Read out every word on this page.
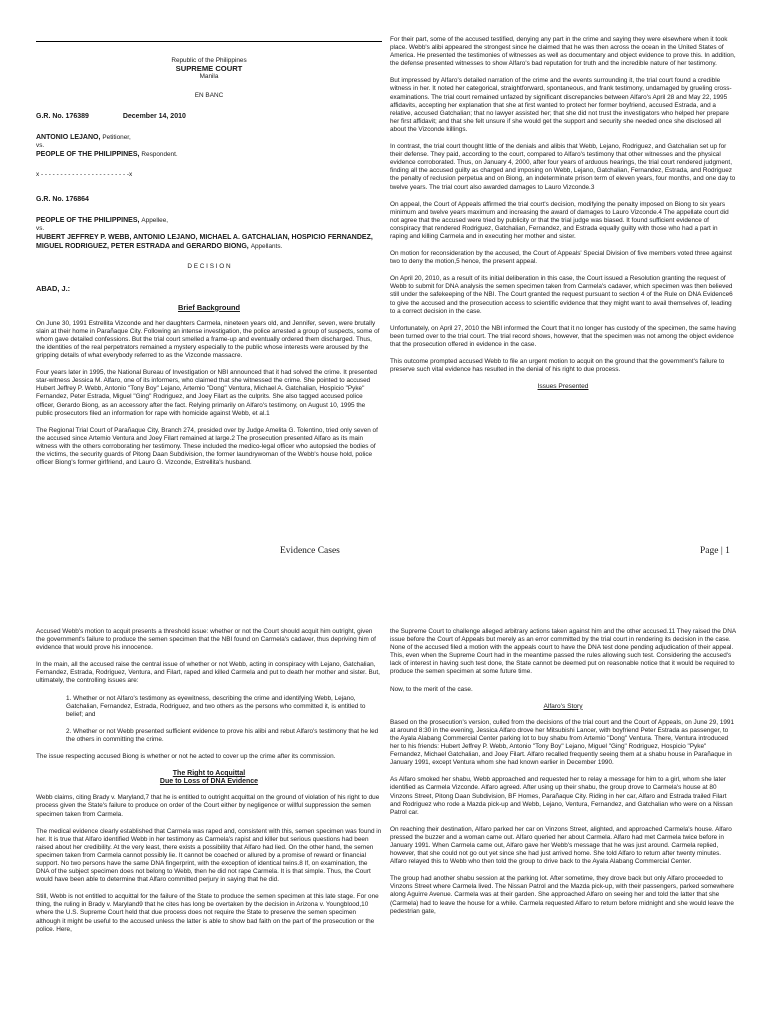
Republic of the Philippines
SUPREME COURT
Manila
EN BANC
G.R. No. 176389	December 14, 2010
ANTONIO LEJANO, Petitioner,
vs.
PEOPLE OF THE PHILIPPINES, Respondent.
x - - - - - - - - - - - - - - - - - - - - - - -x
G.R. No. 176864
PEOPLE OF THE PHILIPPINES, Appellee,
vs.
HUBERT JEFFREY P. WEBB, ANTONIO LEJANO, MICHAEL A. GATCHALIAN, HOSPICIO FERNANDEZ, MIGUEL RODRIGUEZ, PETER ESTRADA and GERARDO BIONG, Appellants.
D E C I S I O N
ABAD, J.:
Brief Background

On June 30, 1991 Estrellita Vizconde and her daughters Carmela, nineteen years old, and Jennifer, seven, were brutally slain at their home in Parañaque City. Following an intense investigation, the police arrested a group of suspects, some of whom gave detailed confessions. But the trial court smelled a frame-up and eventually ordered them discharged. Thus, the identities of the real perpetrators remained a mystery especially to the public whose interests were aroused by the gripping details of what everybody referred to as the Vizconde massacre.

Four years later in 1995, the National Bureau of Investigation or NBI announced that it had solved the crime. It presented star-witness Jessica M. Alfaro, one of its informers, who claimed that she witnessed the crime. She pointed to accused Hubert Jeffrey P. Webb, Antonio "Tony Boy" Lejano, Artemio "Dong" Ventura, Michael A. Gatchalian, Hospicio "Pyke" Fernandez, Peter Estrada, Miguel "Ging" Rodriguez, and Joey Filart as the culprits. She also tagged accused police officer, Gerardo Biong, as an accessory after the fact. Relying primarily on Alfaro's testimony, on August 10, 1995 the public prosecutors filed an information for rape with homicide against Webb, et al.1

The Regional Trial Court of Parañaque City, Branch 274, presided over by Judge Amelita G. Tolentino, tried only seven of the accused since Artemio Ventura and Joey Filart remained at large.2 The prosecution presented Alfaro as its main witness with the others corroborating her testimony. These included the medico-legal officer who autopsied the bodies of the victims, the security guards of Pitong Daan Subdivision, the former laundrywoman of the Webb's house hold, police officer Biong's former girlfriend, and Lauro G. Vizconde, Estrellita's husband.

For their part, some of the accused testified, denying any part in the crime and saying they were elsewhere when it took place. Webb's alibi appeared the strongest since he claimed that he was then across the ocean in the United States of America. He presented the testimonies of witnesses as well as documentary and object evidence to prove this. In addition, the defense presented witnesses to show Alfaro's bad reputation for truth and the incredible nature of her testimony.

But impressed by Alfaro's detailed narration of the crime and the events surrounding it, the trial court found a credible witness in her. It noted her categorical, straightforward, spontaneous, and frank testimony, undamaged by grueling cross-examinations. The trial court remained unfazed by significant discrepancies between Alfaro's April 28 and May 22, 1995 affidavits, accepting her explanation that she at first wanted to protect her former boyfriend, accused Estrada, and a relative, accused Gatchalian; that no lawyer assisted her; that she did not trust the investigators who helped her prepare her first affidavit; and that she felt unsure if she would get the support and security she needed once she disclosed all about the Vizconde killings.

In contrast, the trial court thought little of the denials and alibis that Webb, Lejano, Rodriguez, and Gatchalian set up for their defense. They paid, according to the court, compared to Alfaro's testimony that other witnesses and the physical evidence corroborated. Thus, on January 4, 2000, after four years of arduous hearings, the trial court rendered judgment, finding all the accused guilty as charged and imposing on Webb, Lejano, Gatchalian, Fernandez, Estrada, and Rodriguez the penalty of reclusion perpetua and on Biong, an indeterminate prison term of eleven years, four months, and one day to twelve years. The trial court also awarded damages to Lauro Vizconde.3

On appeal, the Court of Appeals affirmed the trial court's decision, modifying the penalty imposed on Biong to six years minimum and twelve years maximum and increasing the award of damages to Lauro Vizconde.4 The appellate court did not agree that the accused were tried by publicity or that the trial judge was biased. It found sufficient evidence of conspiracy that rendered Rodriguez, Gatchalian, Fernandez, and Estrada equally guilty with those who had a part in raping and killing Carmela and in executing her mother and sister.

On motion for reconsideration by the accused, the Court of Appeals' Special Division of five members voted three against two to deny the motion,5 hence, the present appeal.

On April 20, 2010, as a result of its initial deliberation in this case, the Court issued a Resolution granting the request of Webb to submit for DNA analysis the semen specimen taken from Carmela's cadaver, which specimen was then believed still under the safekeeping of the NBI. The Court granted the request pursuant to section 4 of the Rule on DNA Evidence6 to give the accused and the prosecution access to scientific evidence that they might want to avail themselves of, leading to a correct decision in the case.

Unfortunately, on April 27, 2010 the NBI informed the Court that it no longer has custody of the specimen, the same having been turned over to the trial court. The trial record shows, however, that the specimen was not among the object evidence that the prosecution offered in evidence in the case.

This outcome prompted accused Webb to file an urgent motion to acquit on the ground that the government's failure to preserve such vital evidence has resulted in the denial of his right to due process.

Issues Presented
Evidence Cases	Page | 1

Accused Webb's motion to acquit presents a threshold issue: whether or not the Court should acquit him outright, given the government's failure to produce the semen specimen that the NBI found on Carmela's cadaver, thus depriving him of evidence that would prove his innocence.

In the main, all the accused raise the central issue of whether or not Webb, acting in conspiracy with Lejano, Gatchalian, Fernandez, Estrada, Rodriguez, Ventura, and Filart, raped and killed Carmela and put to death her mother and sister. But, ultimately, the controlling issues are:

1. Whether or not Alfaro's testimony as eyewitness, describing the crime and identifying Webb, Lejano, Gatchalian, Fernandez, Estrada, Rodriguez, and two others as the persons who committed it, is entitled to belief; and

2. Whether or not Webb presented sufficient evidence to prove his alibi and rebut Alfaro's testimony that he led the others in committing the crime.

The issue respecting accused Biong is whether or not he acted to cover up the crime after its commission.

The Right to Acquittal
Due to Loss of DNA Evidence

Webb claims, citing Brady v. Maryland,7 that he is entitled to outright acquittal on the ground of violation of his right to due process given the State's failure to produce on order of the Court either by negligence or willful suppression the semen specimen taken from Carmela.

The medical evidence clearly established that Carmela was raped and, consistent with this, semen specimen was found in her. It is true that Alfaro identified Webb in her testimony as Carmela's rapist and killer but serious questions had been raised about her credibility. At the very least, there exists a possibility that Alfaro had lied. On the other hand, the semen specimen taken from Carmela cannot possibly lie. It cannot be coached or allured by a promise of reward or financial support. No two persons have the same DNA fingerprint, with the exception of identical twins.8 If, on examination, the DNA of the subject specimen does not belong to Webb, then he did not rape Carmela. It is that simple. Thus, the Court would have been able to determine that Alfaro committed perjury in saying that he did.

Still, Webb is not entitled to acquittal for the failure of the State to produce the semen specimen at this late stage. For one thing, the ruling in Brady v. Maryland9 that he cites has long be overtaken by the decision in Arizona v. Youngblood,10 where the U.S. Supreme Court held that due process does not require the State to preserve the semen specimen although it might be useful to the accused unless the latter is able to show bad faith on the part of the prosecution or the police. Here,

the Supreme Court to challenge alleged arbitrary actions taken against him and the other accused.11 They raised the DNA issue before the Court of Appeals but merely as an error committed by the trial court in rendering its decision in the case. None of the accused filed a motion with the appeals court to have the DNA test done pending adjudication of their appeal. This, even when the Supreme Court had in the meantime passed the rules allowing such test. Considering the accused's lack of interest in having such test done, the State cannot be deemed put on reasonable notice that it would be required to produce the semen specimen at some future time.

Now, to the merit of the case.

Alfaro's Story

Based on the prosecution's version, culled from the decisions of the trial court and the Court of Appeals, on June 29, 1991 at around 8:30 in the evening, Jessica Alfaro drove her Mitsubishi Lancer, with boyfriend Peter Estrada as passenger, to the Ayala Alabang Commercial Center parking lot to buy shabu from Artemio "Dong" Ventura. There, Ventura introduced her to his friends: Hubert Jeffrey P. Webb, Antonio "Tony Boy" Lejano, Miguel "Ging" Rodriguez, Hospicio "Pyke" Fernandez, Michael Gatchalian, and Joey Filart. Alfaro recalled frequently seeing them at a shabu house in Parañaque in January 1991, except Ventura whom she had known earlier in December 1990.

As Alfaro smoked her shabu, Webb approached and requested her to relay a message for him to a girl, whom she later identified as Carmela Vizconde. Alfaro agreed. After using up their shabu, the group drove to Carmela's house at 80 Vinzons Street, Pitong Daan Subdivision, BF Homes, Parañaque City. Riding in her car, Alfaro and Estrada trailed Filart and Rodriguez who rode a Mazda pick-up and Webb, Lejano, Ventura, Fernandez, and Gatchalian who were on a Nissan Patrol car.

On reaching their destination, Alfaro parked her car on Vinzons Street, alighted, and approached Carmela's house. Alfaro pressed the buzzer and a woman came out. Alfaro queried her about Carmela. Alfaro had met Carmela twice before in January 1991. When Carmela came out, Alfaro gave her Webb's message that he was just around. Carmela replied, however, that she could not go out yet since she had just arrived home. She told Alfaro to return after twenty minutes. Alfaro relayed this to Webb who then told the group to drive back to the Ayala Alabang Commercial Center.

The group had another shabu session at the parking lot. After sometime, they drove back but only Alfaro proceeded to Vinzons Street where Carmela lived. The Nissan Patrol and the Mazda pick-up, with their passengers, parked somewhere along Aguirre Avenue. Carmela was at their garden. She approached Alfaro on seeing her and told the latter that she (Carmela) had to leave the house for a while. Carmela requested Alfaro to return before midnight and she would leave the pedestrian gate,
